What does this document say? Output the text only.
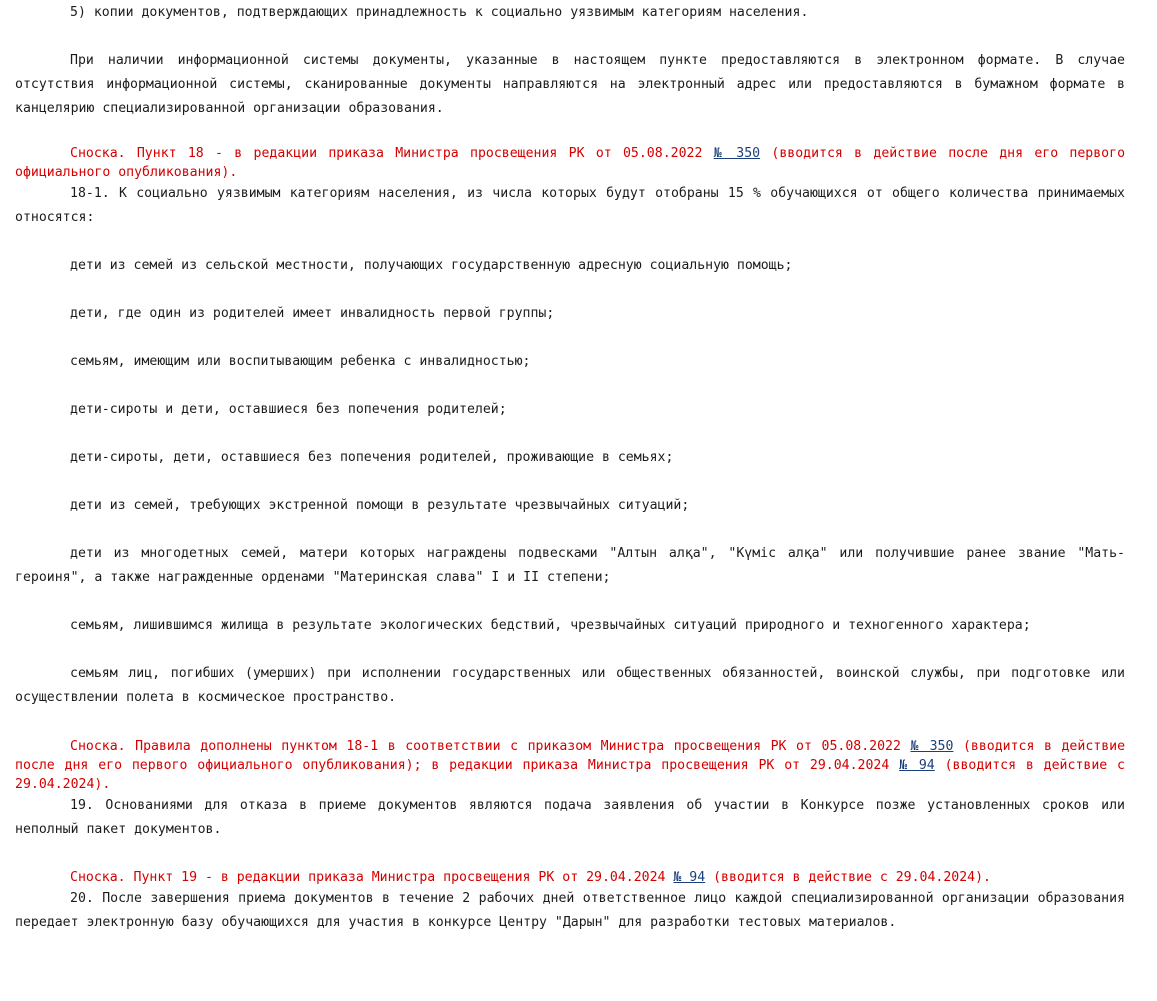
5) копии документов, подтверждающих принадлежность к социально уязвимым категориям населения.

При наличии информационной системы документы, указанные в настоящем пункте предоставляются в электронном формате. В случае отсутствия информационной системы, сканированные документы направляются на электронный адрес или предоставляются в бумажном формате в канцелярию специализированной организации образования.

Сноска. Пункт 18 - в редакции приказа Министра просвещения РК от 05.08.2022 № 350 (вводится в действие после дня его первого официального опубликования).

18-1. К социально уязвимым категориям населения, из числа которых будут отобраны 15 % обучающихся от общего количества принимаемых относятся:

дети из семей из сельской местности, получающих государственную адресную социальную помощь;

дети, где один из родителей имеет инвалидность первой группы;

семьям, имеющим или воспитывающим ребенка с инвалидностью;

дети-сироты и дети, оставшиеся без попечения родителей;

дети-сироты, дети, оставшиеся без попечения родителей, проживающие в семьях;

дети из семей, требующих экстренной помощи в результате чрезвычайных ситуаций;

дети из многодетных семей, матери которых награждены подвесками "Алтын алқа", "Күміс алқа" или получившие ранее звание "Мать-героиня", а также награжденные орденами "Материнская слава" I и II степени;

семьям, лишившимся жилища в результате экологических бедствий, чрезвычайных ситуаций природного и техногенного характера;

семьям лиц, погибших (умерших) при исполнении государственных или общественных обязанностей, воинской службы, при подготовке или осуществлении полета в космическое пространство.

Сноска. Правила дополнены пунктом 18-1 в соответствии с приказом Министра просвещения РК от 05.08.2022 № 350 (вводится в действие после дня его первого официального опубликования); в редакции приказа Министра просвещения РК от 29.04.2024 № 94 (вводится в действие с 29.04.2024).

19. Основаниями для отказа в приеме документов являются подача заявления об участии в Конкурсе позже установленных сроков или неполный пакет документов.

Сноска. Пункт 19 - в редакции приказа Министра просвещения РК от 29.04.2024 № 94 (вводится в действие с 29.04.2024).

20. После завершения приема документов в течение 2 рабочих дней ответственное лицо каждой специализированной организации образования передает электронную базу обучающихся для участия в конкурсе Центру "Дарын" для разработки тестовых материалов.
